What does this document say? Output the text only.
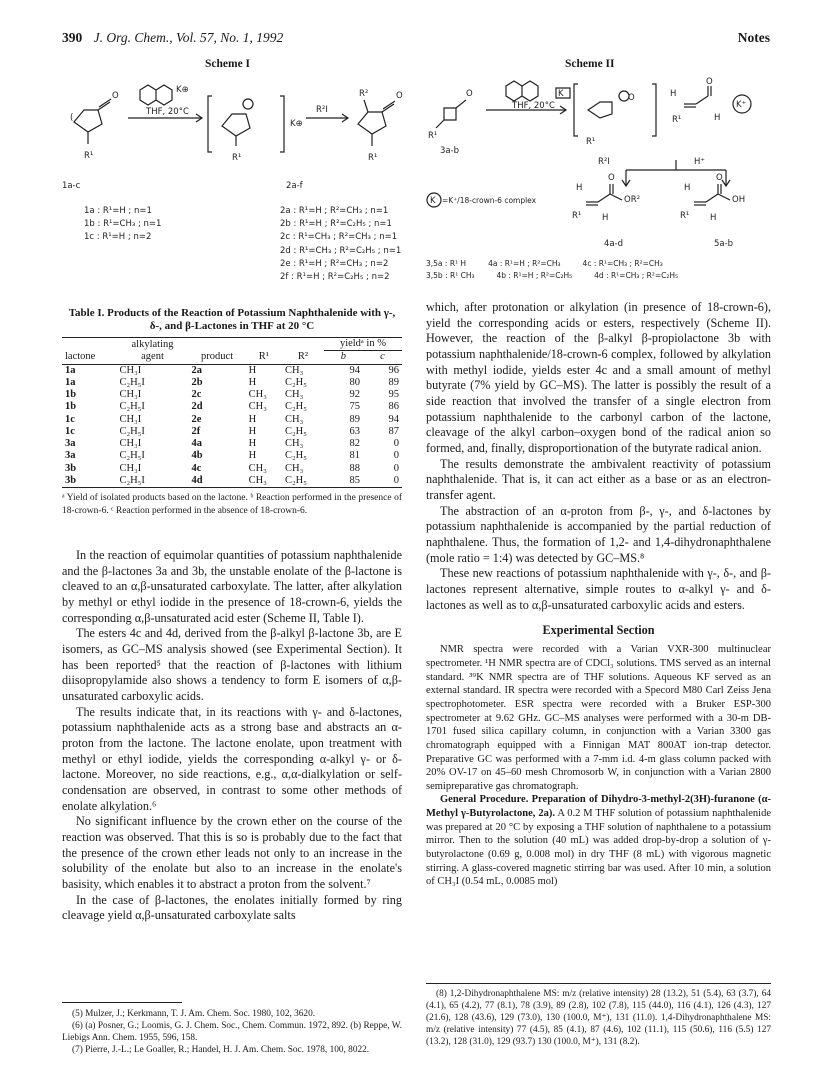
390 J. Org. Chem., Vol. 57, No. 1, 1992	Notes
Scheme I
R¹
O
(
K⊕
THF, 20°C
R¹
K⊕
R²I
R²	O
R¹
1a-c	2a-f
1a : R¹=H ; n=1
1b : R¹=CH₃ ; n=1
1c : R¹=H ; n=2
2a : R¹=H ; R²=CH₃ ; n=1
2b : R¹=H ; R²=C₂H₅ ; n=1
2c : R¹=CH₃ ; R²=CH₃ ; n=1
2d : R¹=CH₃ ; R²=C₂H₅ ; n=1
2e : R¹=H ; R²=CH₃ ; n=2
2f : R¹=H ; R²=C₂H₅ ; n=2
Scheme II
O
R¹
THF, 20°C
K
R¹
O	H
R¹
O
H
K⁺
K
R²I	H⁺
H
R¹ H
O
OR²
H
R¹ H
O
OH
3a-b
=K⁺/18-crown-6 complex
4a-d	5a-b
3,5a : R¹ H	4a : R¹=H ; R²=CH₃	4c : R¹=CH₃ ; R²=CH₃
3,5b : R¹ CH₃	4b : R¹=H ; R²=C₂H₅	4d : R¹=CH₃ ; R²=C₂H₅
Table I. Products of the Reaction of Potassium Naphthalenide with γ-, δ-, and β-Lactones in THF at 20 °C
	alkylating				yieldᵃ in %	
lactone	agent	product	R¹	R²	b	c
1a	CH₃I	2a	H	CH₃	94	96
1a	C₂H₅I	2b	H	C₂H₅	80	89
1b	CH₃I	2c	CH₃	CH₃	92	95
1b	C₂H₅I	2d	CH₃	C₂H₅	75	86
1c	CH₃I	2e	H	CH₃	89	94
1c	C₂H₅I	2f	H	C₂H₅	63	87
3a	CH₃I	4a	H	CH₃	82	0
3a	C₂H₅I	4b	H	C₂H₅	81	0
3b	CH₃I	4c	CH₃	CH₃	88	0
3b	C₂H₅I	4d	CH₃	C₂H₅	85	0
ᵃ Yield of isolated products based on the lactone. ᵇ Reaction performed in the presence of 18-crown-6. ᶜ Reaction performed in the absence of 18-crown-6.

In the reaction of equimolar quantities of potassium naphthalenide and the β-lactones 3a and 3b, the unstable enolate of the β-lactone is cleaved to an α,β-unsaturated carboxylate. The latter, after alkylation by methyl or ethyl iodide in the presence of 18-crown-6, yields the corresponding α,β-unsaturated acid ester (Scheme II, Table I).

The esters 4c and 4d, derived from the β-alkyl β-lactone 3b, are E isomers, as GC–MS analysis showed (see Experimental Section). It has been reported⁵ that the reaction of β-lactones with lithium diisopropylamide also shows a tendency to form E isomers of α,β-unsaturated carboxylic acids.

The results indicate that, in its reactions with γ- and δ-lactones, potassium naphthalenide acts as a strong base and abstracts an α-proton from the lactone. The lactone enolate, upon treatment with methyl or ethyl iodide, yields the corresponding α-alkyl γ- or δ-lactone. Moreover, no side reactions, e.g., α,α-dialkylation or self-condensation are observed, in contrast to some other methods of enolate alkylation.⁶

No significant influence by the crown ether on the course of the reaction was observed. That this is so is probably due to the fact that the presence of the crown ether leads not only to an increase in the solubility of the enolate but also to an increase in the enolate's basisity, which enables it to abstract a proton from the solvent.⁷

In the case of β-lactones, the enolates initially formed by ring cleavage yield α,β-unsaturated carboxylate salts

(5) Mulzer, J.; Kerkmann, T. J. Am. Chem. Soc. 1980, 102, 3620.

(6) (a) Posner, G.; Loomis, G. J. Chem. Soc., Chem. Commun. 1972, 892. (b) Reppe, W. Liebigs Ann. Chem. 1955, 596, 158.

(7) Pierre, J.-L.; Le Goaller, R.; Handel, H. J. Am. Chem. Soc. 1978, 100, 8022.

which, after protonation or alkylation (in presence of 18-crown-6), yield the corresponding acids or esters, respectively (Scheme II). However, the reaction of the β-alkyl β-propiolactone 3b with potassium naphthalenide/18-crown-6 complex, followed by alkylation with methyl iodide, yields ester 4c and a small amount of methyl butyrate (7% yield by GC–MS). The latter is possibly the result of a side reaction that involved the transfer of a single electron from potassium naphthalenide to the carbonyl carbon of the lactone, cleavage of the alkyl carbon–oxygen bond of the radical anion so formed, and, finally, disproportionation of the butyrate radical anion.

The results demonstrate the ambivalent reactivity of potassium naphthalenide. That is, it can act either as a base or as an electron-transfer agent.

The abstraction of an α-proton from β-, γ-, and δ-lactones by potassium naphthalenide is accompanied by the partial reduction of naphthalene. Thus, the formation of 1,2- and 1,4-dihydronaphthalene (mole ratio = 1:4) was detected by GC–MS.⁸

These new reactions of potassium naphthalenide with γ-, δ-, and β-lactones represent alternative, simple routes to α-alkyl γ- and δ-lactones as well as to α,β-unsaturated carboxylic acids and esters.

Experimental Section

NMR spectra were recorded with a Varian VXR-300 multinuclear spectrometer. ¹H NMR spectra are of CDCl₃ solutions. TMS served as an internal standard. ³⁹K NMR spectra are of THF solutions. Aqueous KF served as an external standard. IR spectra were recorded with a Specord M80 Carl Zeiss Jena spectrophotometer. ESR spectra were recorded with a Bruker ESP-300 spectrometer at 9.62 GHz. GC–MS analyses were performed with a 30-m DB-1701 fused silica capillary column, in conjunction with a Varian 3300 gas chromatograph equipped with a Finnigan MAT 800AT ion-trap detector. Preparative GC was performed with a 7-mm i.d. 4-m glass column packed with 20% OV-17 on 45–60 mesh Chromosorb W, in conjunction with a Varian 2800 semipreparative gas chromatograph.

General Procedure. Preparation of Dihydro-3-methyl-2(3H)-furanone (α-Methyl γ-Butyrolactone, 2a). A 0.2 M THF solution of potassium naphthalenide was prepared at 20 °C by exposing a THF solution of naphthalene to a potassium mirror. Then to the solution (40 mL) was added drop-by-drop a solution of γ-butyrolactone (0.69 g, 0.008 mol) in dry THF (8 mL) with vigorous magnetic stirring. A glass-covered magnetic stirring bar was used. After 10 min, a solution of CH₃I (0.54 mL, 0.0085 mol)

(8) 1,2-Dihydronaphthalene MS: m/z (relative intensity) 28 (13.2), 51 (5.4), 63 (3.7), 64 (4.1), 65 (4.2), 77 (8.1), 78 (3.9), 89 (2.8), 102 (7.8), 115 (44.0), 116 (4.1), 126 (4.3), 127 (21.6), 128 (43.6), 129 (73.0), 130 (100.0, M⁺), 131 (11.0). 1,4-Dihydronaphthalene MS: m/z (relative intensity) 77 (4.5), 85 (4.1), 87 (4.6), 102 (11.1), 115 (50.6), 116 (5.5) 127 (13.2), 128 (31.0), 129 (93.7) 130 (100.0, M⁺), 131 (8.2).
